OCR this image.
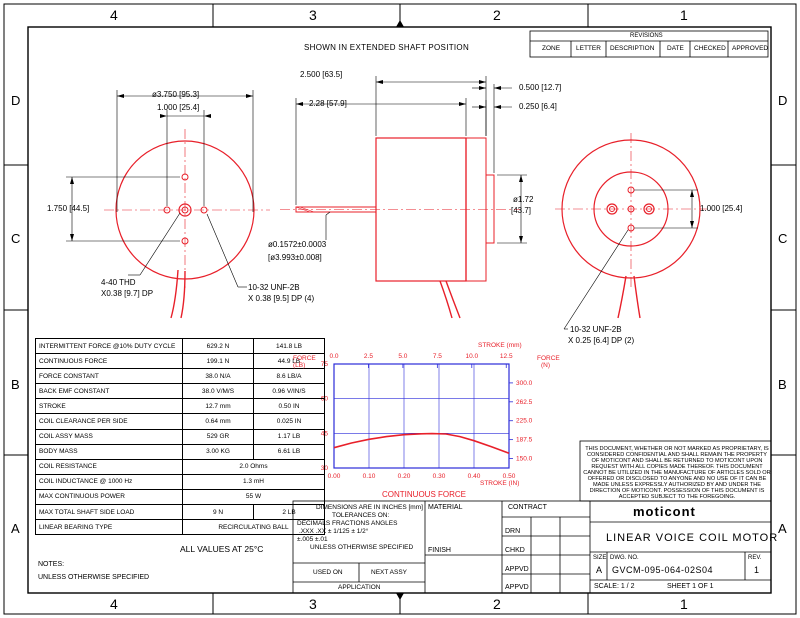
0.00	0.10	0.20	0.30	0.40	0.50
0.0	2.5	5.0	7.5	10.0	12.5
30
45
60
75
150.0
187.5
225.0
262.5
300.0
4	3	2	1
4	3	2	1
D
C
B
A
D
C
B
A
SHOWN IN EXTENDED SHAFT POSITION
REVISIONS
ZONE LETTER DESCRIPTION DATE CHECKED APPROVED
ø3.750 [95.3]
1.000 [25.4]
1.750 [44.5]
2.500 [63.5]
2.28 [57.9]
0.500 [12.7]
0.250 [6.4]
ø1.72
[43.7]
ø0.1572±0.0003
[ø3.993±0.008]
4-40 THD
X0.38 [9.7] DP
10-32 UNF-2B
X 0.38 [9.5] DP (4)
1.000 [25.4]
10-32 UNF-2B
X 0.25 [6.4] DP (2)
INTERMITTENT FORCE @10% DUTY CYCLE	629.2 N	141.8 LB
CONTINUOUS FORCE	199.1 N	44.9 LB
FORCE CONSTANT	38.0 N/A	8.6 LB/A
BACK EMF CONSTANT	38.0 V/M/S	0.96 V/IN/S
STROKE	12.7 mm	0.50 IN
COIL CLEARANCE PER SIDE	0.64 mm	0.025 IN
COIL ASSY MASS	529 GR	1.17 LB
BODY MASS	3.00 KG	6.61 LB
COIL RESISTANCE	2.0 Ohms	
COIL INDUCTANCE @ 1000 Hz	1.3 mH	
MAX CONTINUOUS POWER	55 W	
MAX TOTAL SHAFT SIDE LOAD	9 N	2 LB
LINEAR BEARING TYPE	RECIRCULATING BALL	
ALL VALUES AT 25°C
NOTES:
UNLESS OTHERWISE SPECIFIED
FORCE
(LB)
FORCE
(N)
STROKE (mm)
STROKE (IN)
CONTINUOUS FORCE
THIS DOCUMENT, WHETHER OR NOT MARKED AS PROPRIETARY, IS CONSIDERED CONFIDENTIAL AND SHALL REMAIN THE PROPERTY OF MOTICONT AND SHALL BE RETURNED TO MOTICONT UPON REQUEST WITH ALL COPIES MADE THEREOF. THIS DOCUMENT CANNOT BE UTILIZED IN THE MANUFACTURE OF ARTICLES SOLD OR OFFERED OR DISCLOSED TO ANYONE AND NO USE OF IT CAN BE MADE UNLESS EXPRESSLY AUTHORIZED BY AND UNDER THE DIRECTION OF MOTICONT. POSSESSION OF THIS DOCUMENT IS ACCEPTED SUBJECT TO THE FOREGOING.
DIMENSIONS ARE IN INCHES [mm]
TOLERANCES ON:
DECIMALS FRACTIONS ANGLES
.XXX .XX ± 1/125 ± 1/2°
±.005 ±.01
UNLESS OTHERWISE SPECIFIED
USED ON	NEXT ASSY
APPLICATION
MATERIAL
FINISH
CONTRACT
DRN
CHKD
APPVD
APPVD
moticont
LINEAR VOICE COIL MOTOR
SIZE
A
DWG. NO.
GVCM-095-064-02S04
REV.
1
SCALE: 1 / 2	SHEET 1 OF 1
